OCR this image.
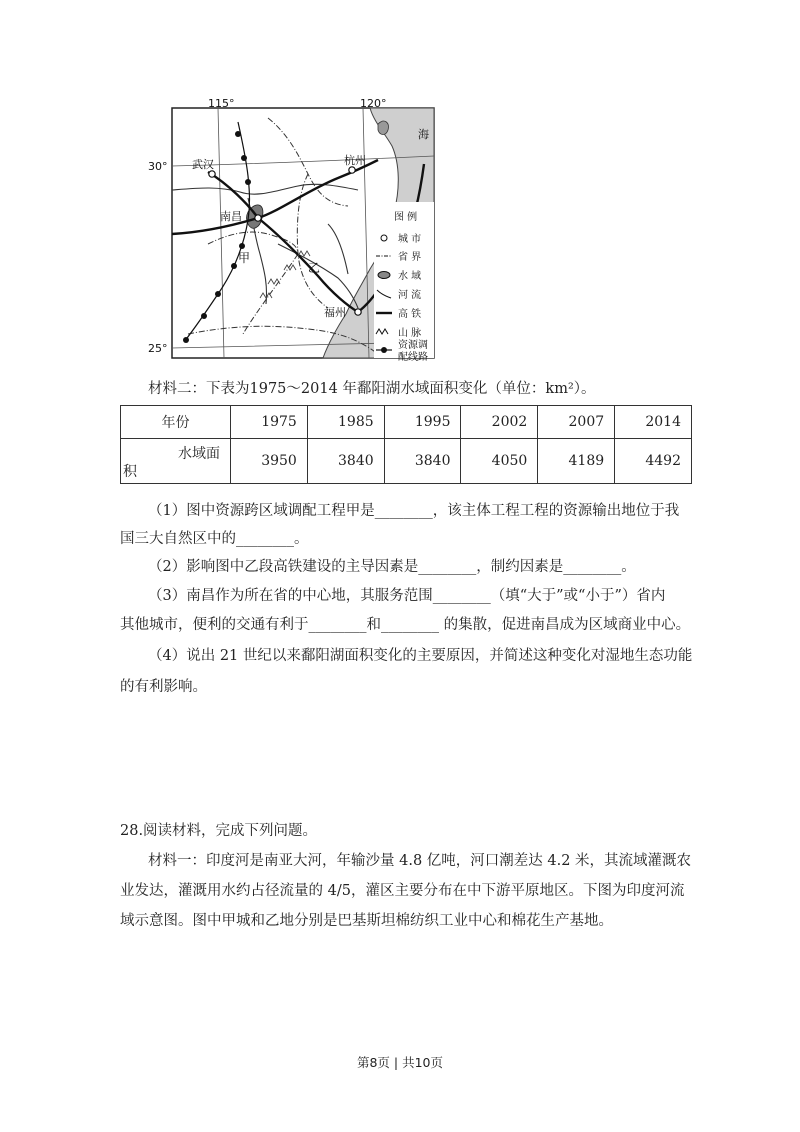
115°	120°
30°
25°
武汉	杭州
南昌
福州
海
甲
乙
图 例
城 市
省 界
水 域
河 流
高 铁
山 脉
资源调
配线路

材料二：下表为1975～2014 年鄱阳湖水域面积变化（单位：km²）。

年份	1975	1985	1995	2002	2007	2014

水域面
积	3950	3840	3840	4050	4189	4492

（1）图中资源跨区域调配工程甲是________，该主体工程工程的资源输出地位于我

国三大自然区中的________。

（2）影响图中乙段高铁建设的主导因素是________，制约因素是________。

（3）南昌作为所在省的中心地，其服务范围________（填“大于”或“小于”）省内

其他城市，便利的交通有利于________和________ 的集散，促进南昌成为区域商业中心。

（4）说出 21 世纪以来鄱阳湖面积变化的主要原因，并简述这种变化对湿地生态功能

的有利影响。

28.阅读材料，完成下列问题。

材料一：印度河是南亚大河，年输沙量 4.8 亿吨，河口潮差达 4.2 米，其流域灌溉农

业发达，灌溉用水约占径流量的 4/5，灌区主要分布在中下游平原地区。下图为印度河流

域示意图。图中甲城和乙地分别是巴基斯坦棉纺织工业中心和棉花生产基地。

第8页 | 共10页
